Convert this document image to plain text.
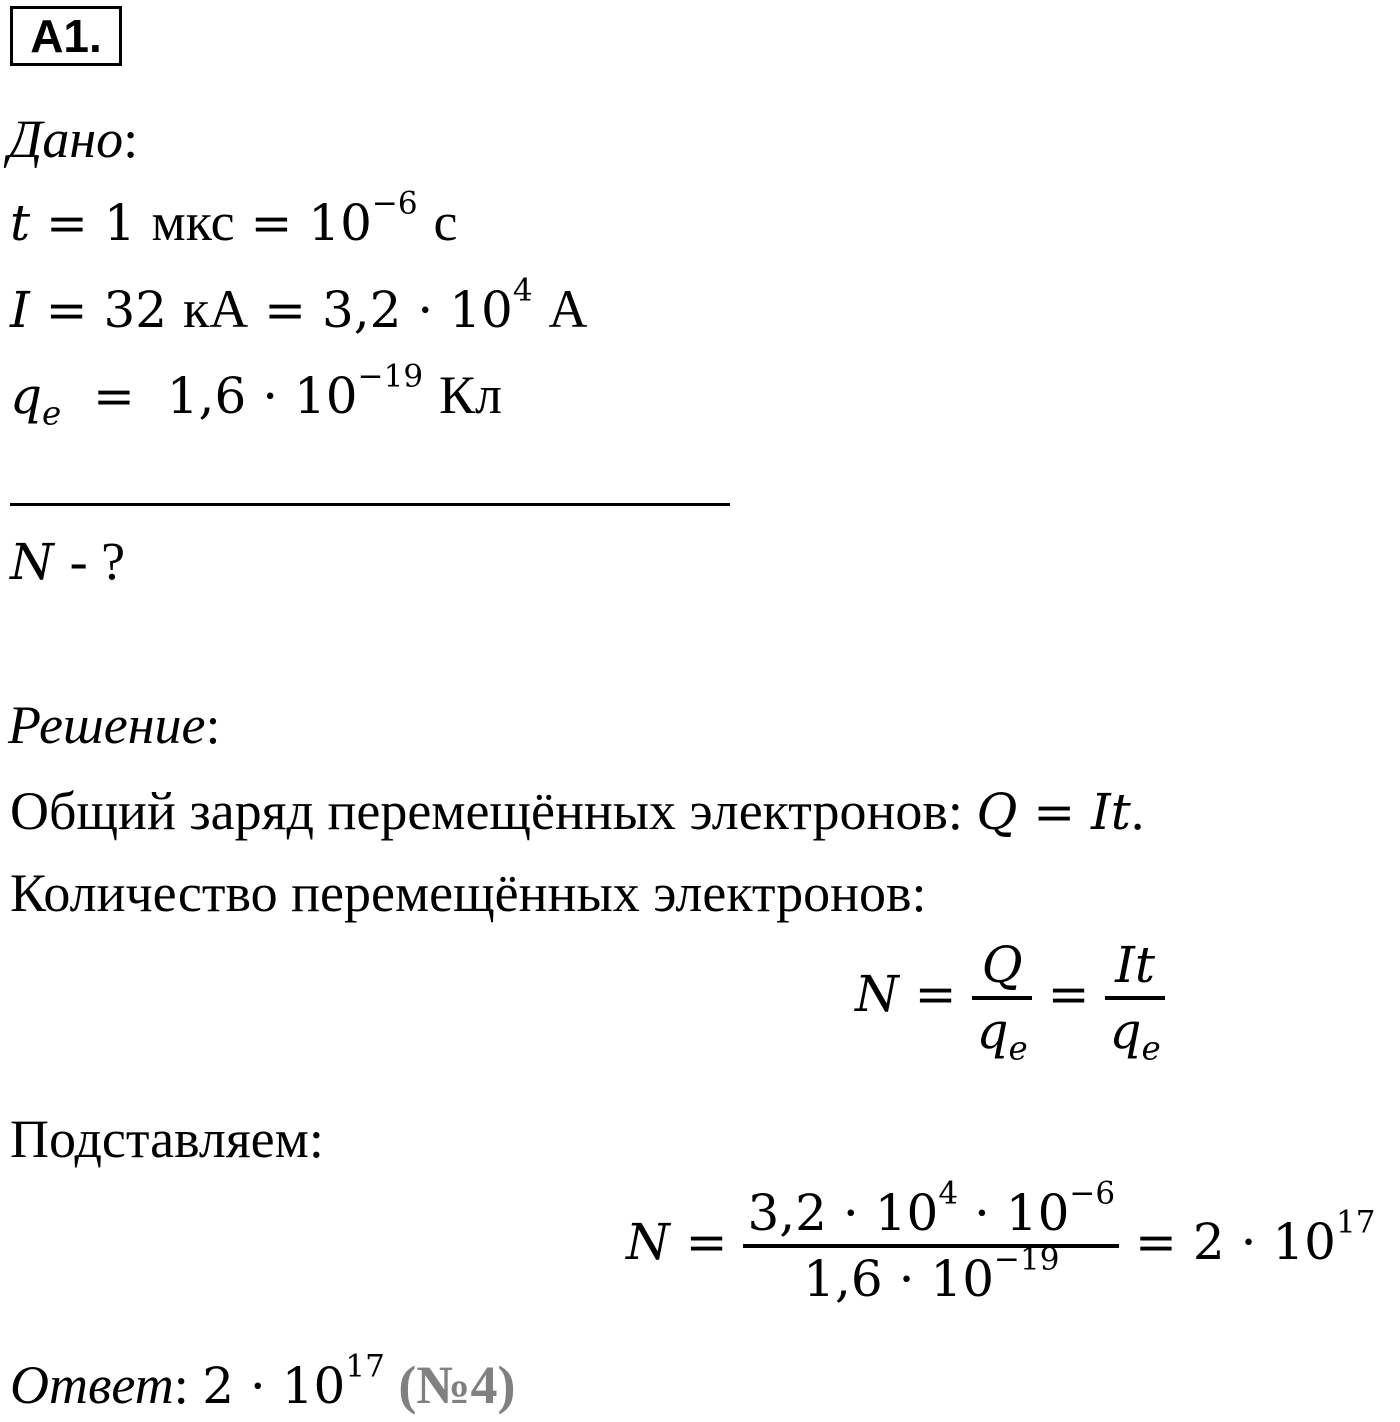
A1.
Дано:
t = 1 мкс = $10^{-6}$ с
I = 32 кА = $3,2 \cdot 10^4$ А
$q_e = 1,6 \cdot 10^{-19}$ Кл
N - ?
Решение:
Общий заряд перемещённых электронов: Q = It.
Количество перемещённых электронов:
$N = \frac{Q}{q_e} = \frac{It}{q_e}$
Подставляем:
$N = \frac{3,2 \cdot 10^4 \cdot 10^{-6}}{1,6 \cdot 10^{-19}} = 2 \cdot 10^{17}$
Ответ: $2 \cdot 10^{17}$ (№4)
